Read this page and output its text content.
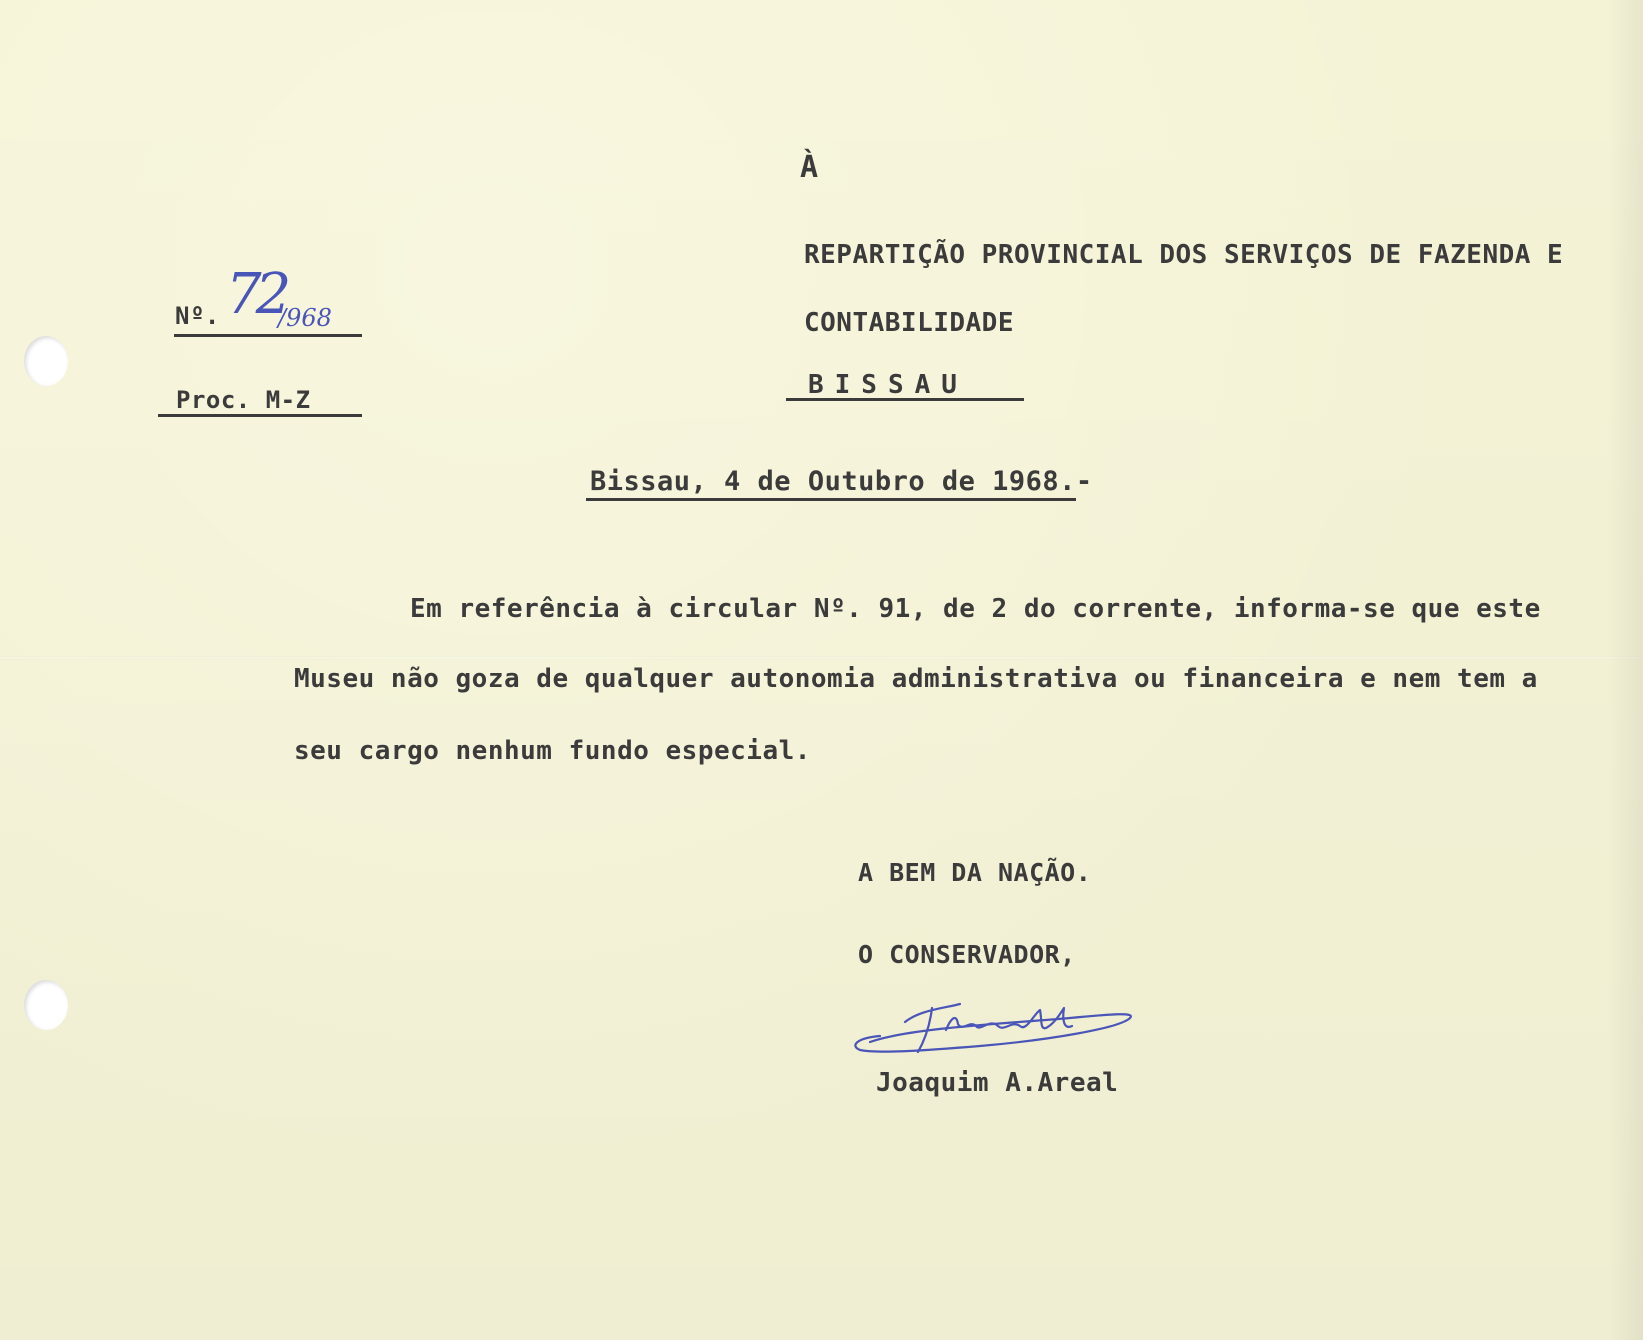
À
REPARTIÇÃO PROVINCIAL DOS SERVIÇOS DE FAZENDA E
CONTABILIDADE
BISSAU
Nº. 72
/968
Proc. M-Z
Bissau, 4 de Outubro de 1968.-
Em referência à circular Nº. 91, de 2 do corrente, informa-se que este
Museu não goza de qualquer autonomia administrativa ou financeira e nem tem a
seu cargo nenhum fundo especial.
A BEM DA NAÇÃO.
O CONSERVADOR,
Joaquim A.Areal
